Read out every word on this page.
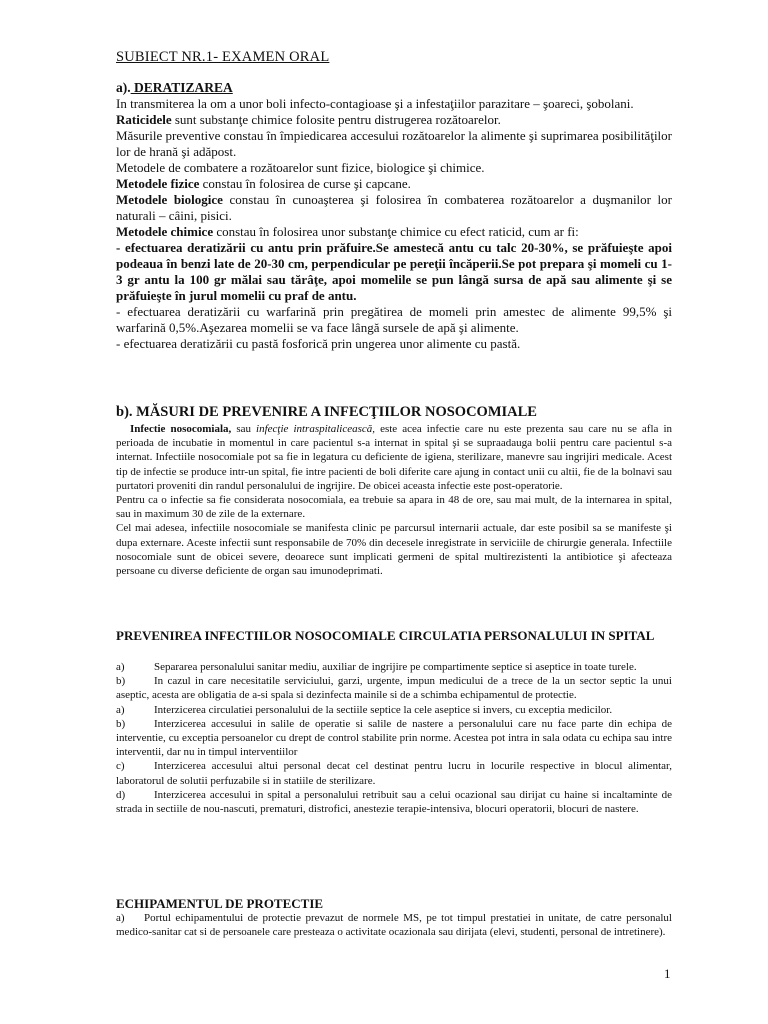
SUBIECT NR.1- EXAMEN ORAL
a). DERATIZAREA

In transmiterea la om a unor boli infecto-contagioase şi a infestaţiilor parazitare – şoareci, şobolani.

Raticidele sunt substanţe chimice folosite pentru distrugerea rozătoarelor.

Măsurile preventive constau în împiedicarea accesului rozătoarelor la alimente şi suprimarea posibilităţilor lor de hrană şi adăpost.

Metodele de combatere a rozătoarelor sunt fizice, biologice şi chimice.

Metodele fizice constau în folosirea de curse şi capcane.

Metodele biologice constau în cunoaşterea şi folosirea în combaterea rozătoarelor a duşmanilor lor naturali – câini, pisici.

Metodele chimice constau în folosirea unor substanţe chimice cu efect raticid, cum ar fi:

- efectuarea deratizării cu antu prin prăfuire.Se amestecă antu cu talc 20-30%, se prăfuieşte apoi podeaua în benzi late de 20-30 cm, perpendicular pe pereţii încăperii.Se pot prepara şi momeli cu 1-3 gr antu la 100 gr mălai sau tărâţe, apoi momelile se pun lângă sursa de apă sau alimente şi se prăfuieşte în jurul momelii cu praf de antu.

- efectuarea deratizării cu warfarină prin pregătirea de momeli prin amestec de alimente 99,5% şi warfarină 0,5%.Aşezarea momelii se va face lângă sursele de apă şi alimente.

- efectuarea deratizării cu pastă fosforică prin ungerea unor alimente cu pastă.

b). MĂSURI DE PREVENIRE A INFECŢIILOR NOSOCOMIALE

Infectie nosocomiala, sau infecţie intraspitalicească, este acea infectie care nu este prezenta sau care nu se afla in perioada de incubatie in momentul in care pacientul s-a internat in spital şi se supraadauga bolii pentru care pacientul s-a internat. Infectiile nosocomiale pot sa fie in legatura cu deficiente de igiena, sterilizare, manevre sau ingrijiri medicale. Acest tip de infectie se produce intr-un spital, fie intre pacienti de boli diferite care ajung in contact unii cu altii, fie de la bolnavi sau purtatori proveniti din randul personalului de ingrijire. De obicei aceasta infectie este post-operatorie.

Pentru ca o infectie sa fie considerata nosocomiala, ea trebuie sa apara in 48 de ore, sau mai mult, de la internarea in spital, sau in maximum 30 de zile de la externare.

Cel mai adesea, infectiile nosocomiale se manifesta clinic pe parcursul internarii actuale, dar este posibil sa se manifeste şi dupa externare. Aceste infectii sunt responsabile de 70% din decesele inregistrate in serviciile de chirurgie generala. Infectiile nosocomiale sunt de obicei severe, deoarece sunt implicati germeni de spital multirezistenti la antibiotice şi afecteaza persoane cu diverse deficiente de organ sau imunodeprimati.

PREVENIREA INFECTIILOR NOSOCOMIALE CIRCULATIA PERSONALULUI IN SPITAL

a)	Separarea personalului sanitar mediu, auxiliar de ingrijire pe compartimente septice si aseptice in toate turele.

b)	In cazul in care necesitatile serviciului, garzi, urgente, impun medicului de a trece de la un sector septic la unui aseptic, acesta are obligatia de a-si spala si dezinfecta mainile si de a schimba echipamentul de protectie.

a)	Interzicerea circulatiei personalului de la sectiile septice la cele aseptice si invers, cu exceptia medicilor.

b)	Interzicerea accesului in salile de operatie si salile de nastere a personalului care nu face parte din echipa de interventie, cu exceptia persoanelor cu drept de control stabilite prin norme. Acestea pot intra in sala odata cu echipa sau intre interventii, dar nu in timpul interventiilor

c)	Interzicerea accesului altui personal decat cel destinat pentru lucru in locurile respective in blocul alimentar, laboratorul de solutii perfuzabile si in statiile de sterilizare.

d)	Interzicerea accesului in spital a personalului retribuit sau a celui ocazional sau dirijat cu haine si incaltaminte de strada in sectiile de nou-nascuti, prematuri, distrofici, anestezie terapie-intensiva, blocuri operatorii, blocuri de nastere.

ECHIPAMENTUL DE PROTECTIE

a) Portul echipamentului de protectie prevazut de normele MS, pe tot timpul prestatiei in unitate, de catre personalul medico-sanitar cat si de persoanele care presteaza o activitate ocazionala sau dirijata (elevi, studenti, personal de intretinere).

1
